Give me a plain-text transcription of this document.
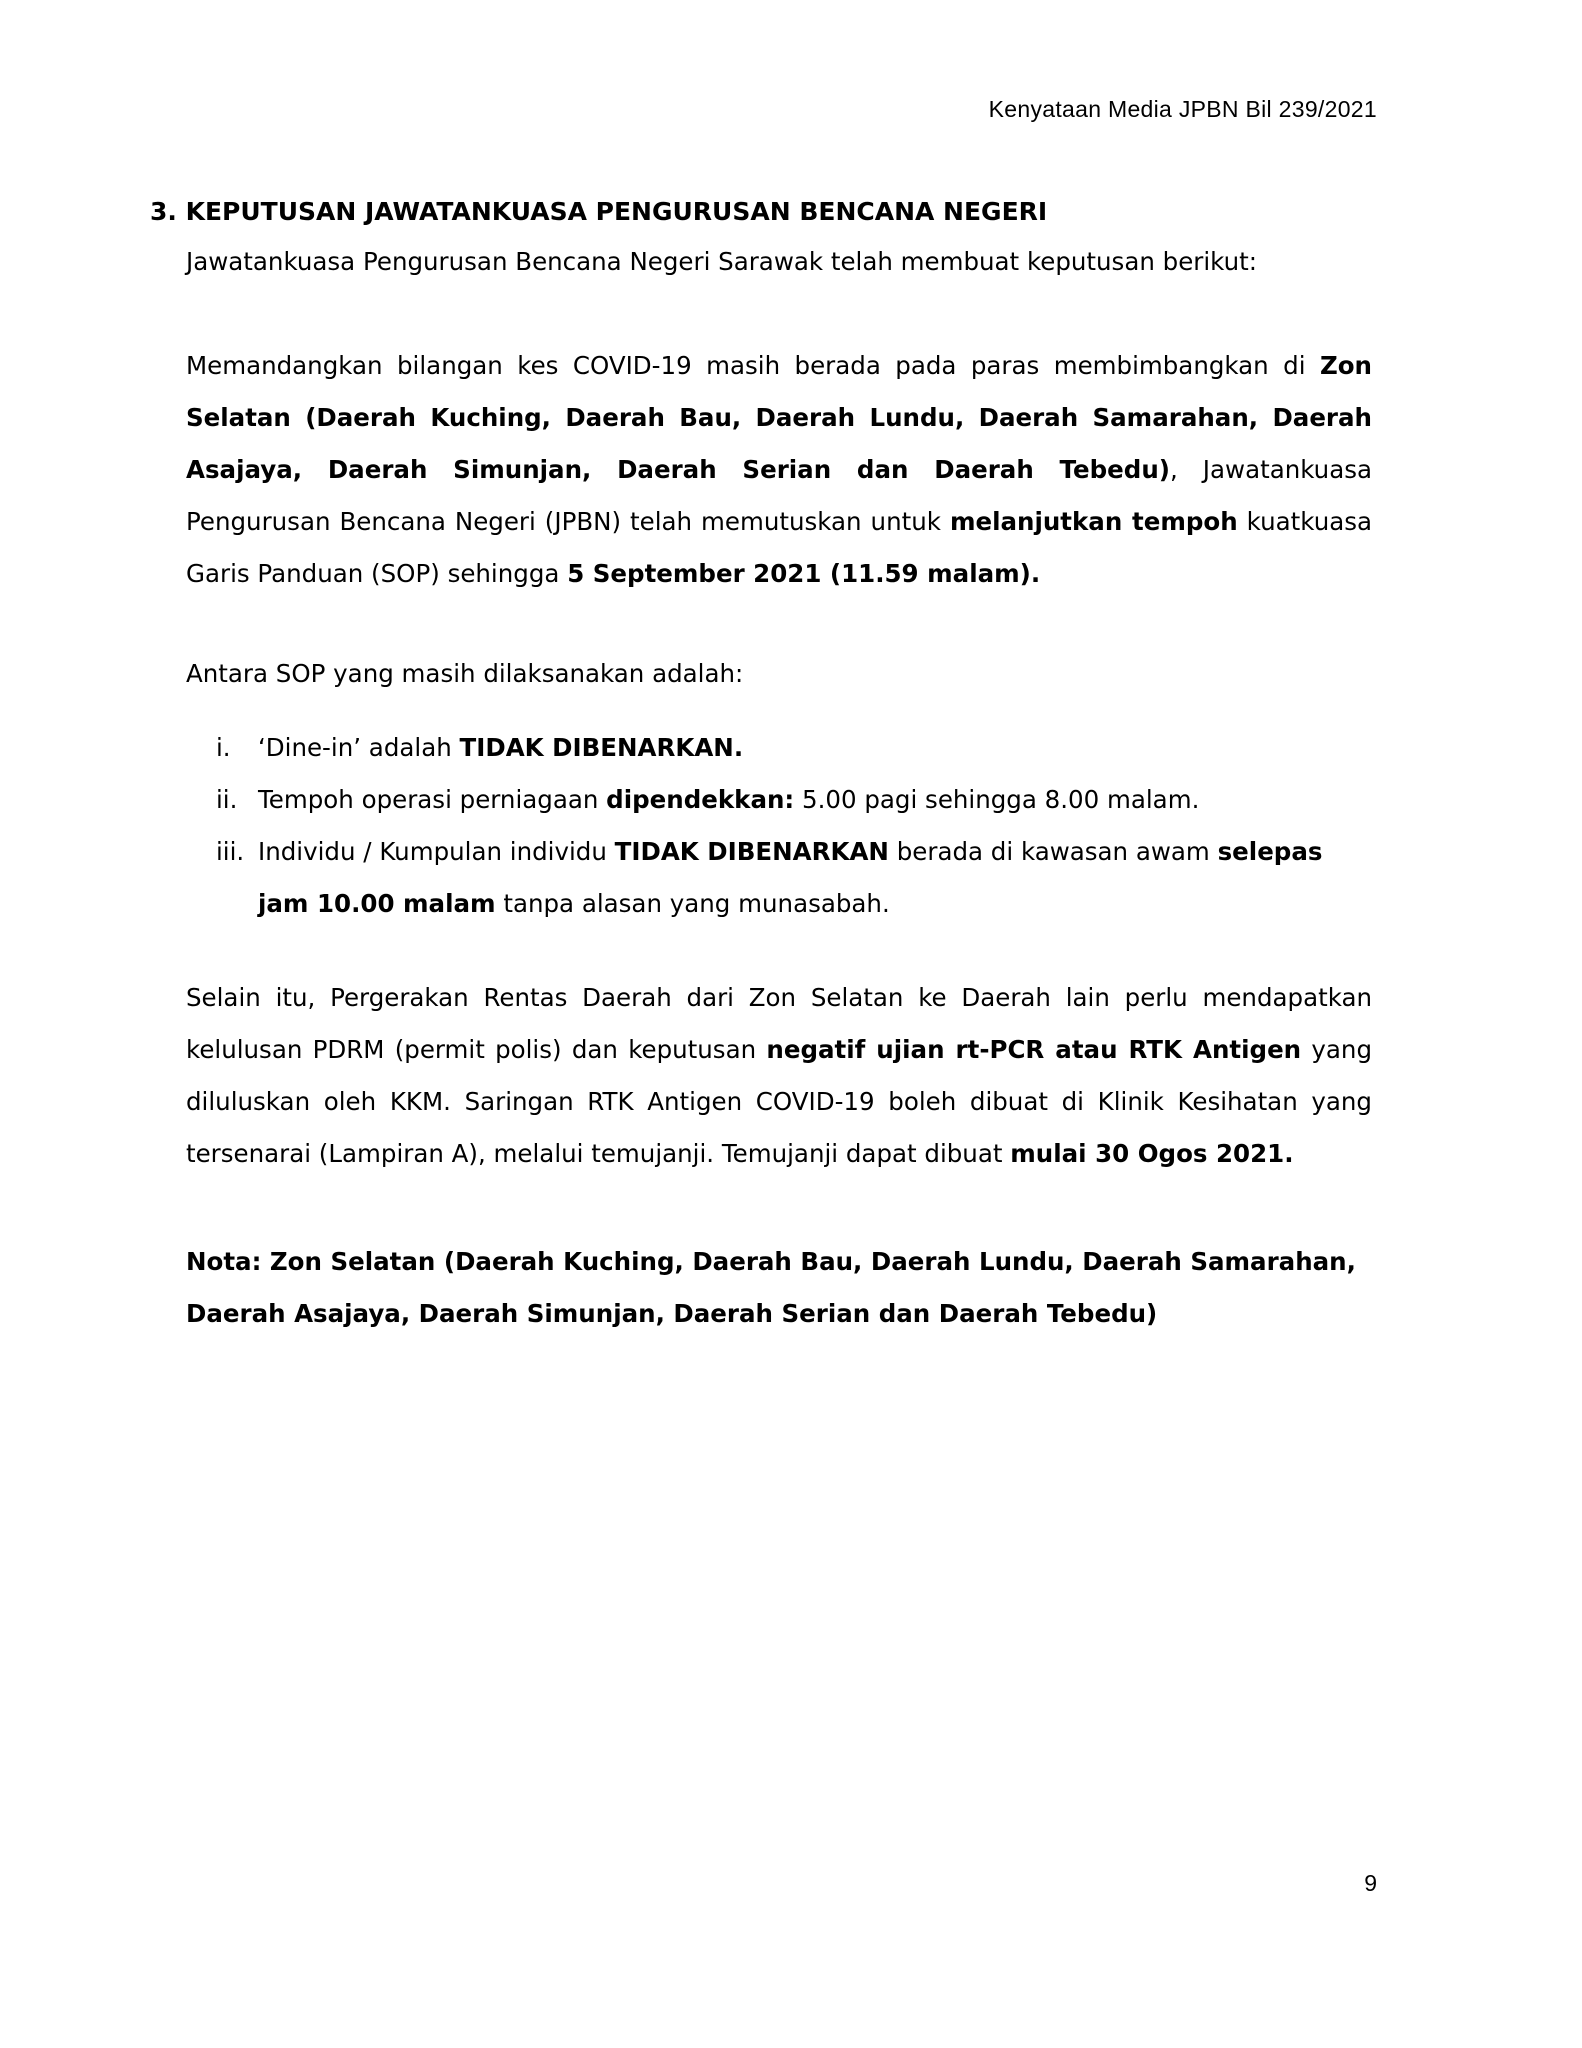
Kenyataan Media JPBN Bil 239/2021
3. KEPUTUSAN JAWATANKUASA PENGURUSAN BENCANA NEGERI

Jawatankuasa Pengurusan Bencana Negeri Sarawak telah membuat keputusan berikut:

Memandangkan bilangan kes COVID-19 masih berada pada paras membimbangkan di Zon Selatan (Daerah Kuching, Daerah Bau, Daerah Lundu, Daerah Samarahan, Daerah Asajaya, Daerah Simunjan, Daerah Serian dan Daerah Tebedu), Jawatankuasa Pengurusan Bencana Negeri (JPBN) telah memutuskan untuk melanjutkan tempoh kuatkuasa Garis Panduan (SOP) sehingga 5 September 2021 (11.59 malam).

Antara SOP yang masih dilaksanakan adalah:

i.	‘Dine-in’ adalah TIDAK DIBENARKAN.
ii. Tempoh operasi perniagaan dipendekkan: 5.00 pagi sehingga 8.00 malam.
iii. Individu / Kumpulan individu TIDAK DIBENARKAN berada di kawasan awam selepas jam 10.00 malam tanpa alasan yang munasabah.

Selain itu, Pergerakan Rentas Daerah dari Zon Selatan ke Daerah lain perlu mendapatkan kelulusan PDRM (permit polis) dan keputusan negatif ujian rt-PCR atau RTK Antigen yang diluluskan oleh KKM. Saringan RTK Antigen COVID-19 boleh dibuat di Klinik Kesihatan yang tersenarai (Lampiran A), melalui temujanji. Temujanji dapat dibuat mulai 30 Ogos 2021.

Nota: Zon Selatan (Daerah Kuching, Daerah Bau, Daerah Lundu, Daerah Samarahan, Daerah Asajaya, Daerah Simunjan, Daerah Serian dan Daerah Tebedu)

9
